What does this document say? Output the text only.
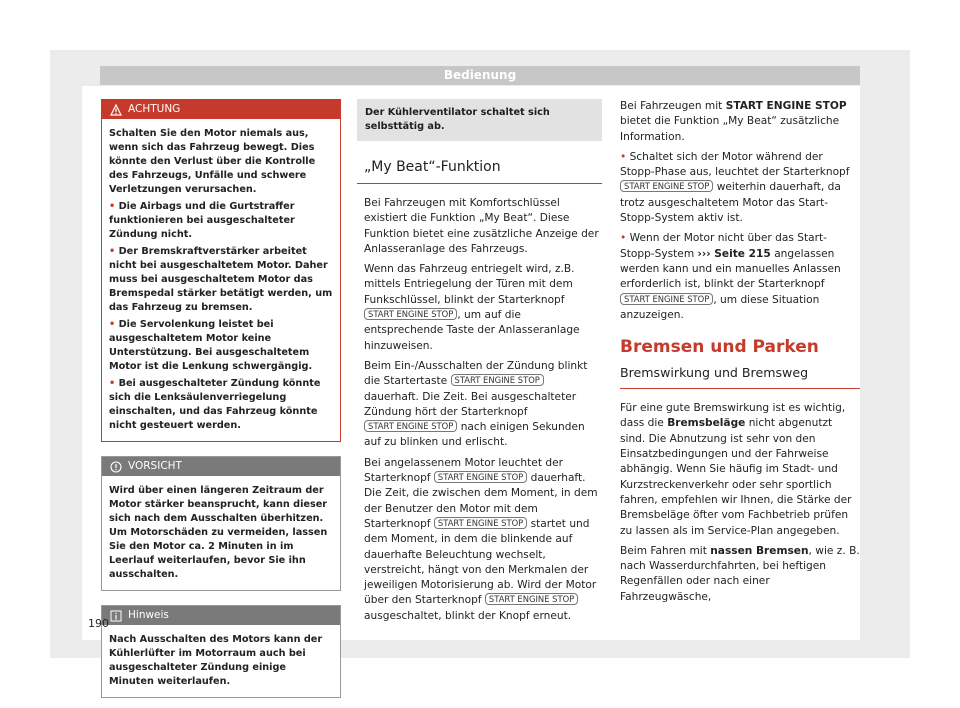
Bedienung
ACHTUNG

Schalten Sie den Motor niemals aus, wenn sich das Fahrzeug bewegt. Dies könnte den Verlust über die Kontrolle des Fahrzeugs, Unfälle und schwere Verletzungen verursachen.

• Die Airbags und die Gurtstraffer funktionieren bei ausgeschalteter Zündung nicht.

• Der Bremskraftverstärker arbeitet nicht bei ausgeschaltetem Motor. Daher muss bei ausgeschaltetem Motor das Bremspedal stärker betätigt werden, um das Fahrzeug zu bremsen.

• Die Servolenkung leistet bei ausgeschaltetem Motor keine Unterstützung. Bei ausgeschaltetem Motor ist die Lenkung schwergängig.

• Bei ausgeschalteter Zündung könnte sich die Lenksäulenverriegelung einschalten, und das Fahrzeug könnte nicht gesteuert werden.

VORSICHT
Wird über einen längeren Zeitraum der Motor stärker beansprucht, kann dieser sich nach dem Ausschalten überhitzen. Um Motorschäden zu vermeiden, lassen Sie den Motor ca. 2 Minuten in im Leerlauf weiterlaufen, bevor Sie ihn ausschalten.
Hinweis
Nach Ausschalten des Motors kann der Kühlerlüfter im Motorraum auch bei ausgeschalteter Zündung einige Minuten weiterlaufen.
Der Kühlerventilator schaltet sich selbsttätig ab.
„My Beat“-Funktion

Bei Fahrzeugen mit Komfortschlüssel existiert die Funktion „My Beat“. Diese Funktion bietet eine zusätzliche Anzeige der Anlasseranlage des Fahrzeugs.

Wenn das Fahrzeug entriegelt wird, z.B. mittels Entriegelung der Türen mit dem Funkschlüssel, blinkt der Starterknopf START ENGINE STOP , um auf die entsprechende Taste der Anlasseranlage hinzuweisen.

Beim Ein-/Ausschalten der Zündung blinkt die Startertaste START ENGINE STOP dauerhaft. Die Zeit. Bei ausgeschalteter Zündung hört der Starterknopf START ENGINE STOP nach einigen Sekunden auf zu blinken und erlischt.

Bei angelassenem Motor leuchtet der Starterknopf START ENGINE STOP dauerhaft. Die Zeit, die zwischen dem Moment, in dem der Benutzer den Motor mit dem Starterknopf START ENGINE STOP startet und dem Moment, in dem die blinkende auf dauerhafte Beleuchtung wechselt, verstreicht, hängt von den Merkmalen der jeweiligen Motorisierung ab. Wird der Motor über den Starterknopf START ENGINE STOP ausgeschaltet, blinkt der Knopf erneut.

Bei Fahrzeugen mit START ENGINE STOP bietet die Funktion „My Beat“ zusätzliche Information.

• Schaltet sich der Motor während der Stopp-Phase aus, leuchtet der Starterknopf START ENGINE STOP weiterhin dauerhaft, da trotz ausgeschaltetem Motor das Start-Stopp-System aktiv ist.

• Wenn der Motor nicht über das Start-Stopp-System ››› Seite 215 angelassen werden kann und ein manuelles Anlassen erforderlich ist, blinkt der Starterknopf START ENGINE STOP , um diese Situation anzuzeigen.

Bremsen und Parken
Bremswirkung und Bremsweg

Für eine gute Bremswirkung ist es wichtig, dass die Bremsbeläge nicht abgenutzt sind. Die Abnutzung ist sehr von den Einsatzbedingungen und der Fahrweise abhängig. Wenn Sie häufig im Stadt- und Kurzstreckenverkehr oder sehr sportlich fahren, empfehlen wir Ihnen, die Stärke der Bremsbeläge öfter vom Fachbetrieb prüfen zu lassen als im Service-Plan angegeben.

Beim Fahren mit nassen Bremsen, wie z. B. nach Wasserdurchfahrten, bei heftigen Regenfällen oder nach einer Fahrzeugwäsche,

190
